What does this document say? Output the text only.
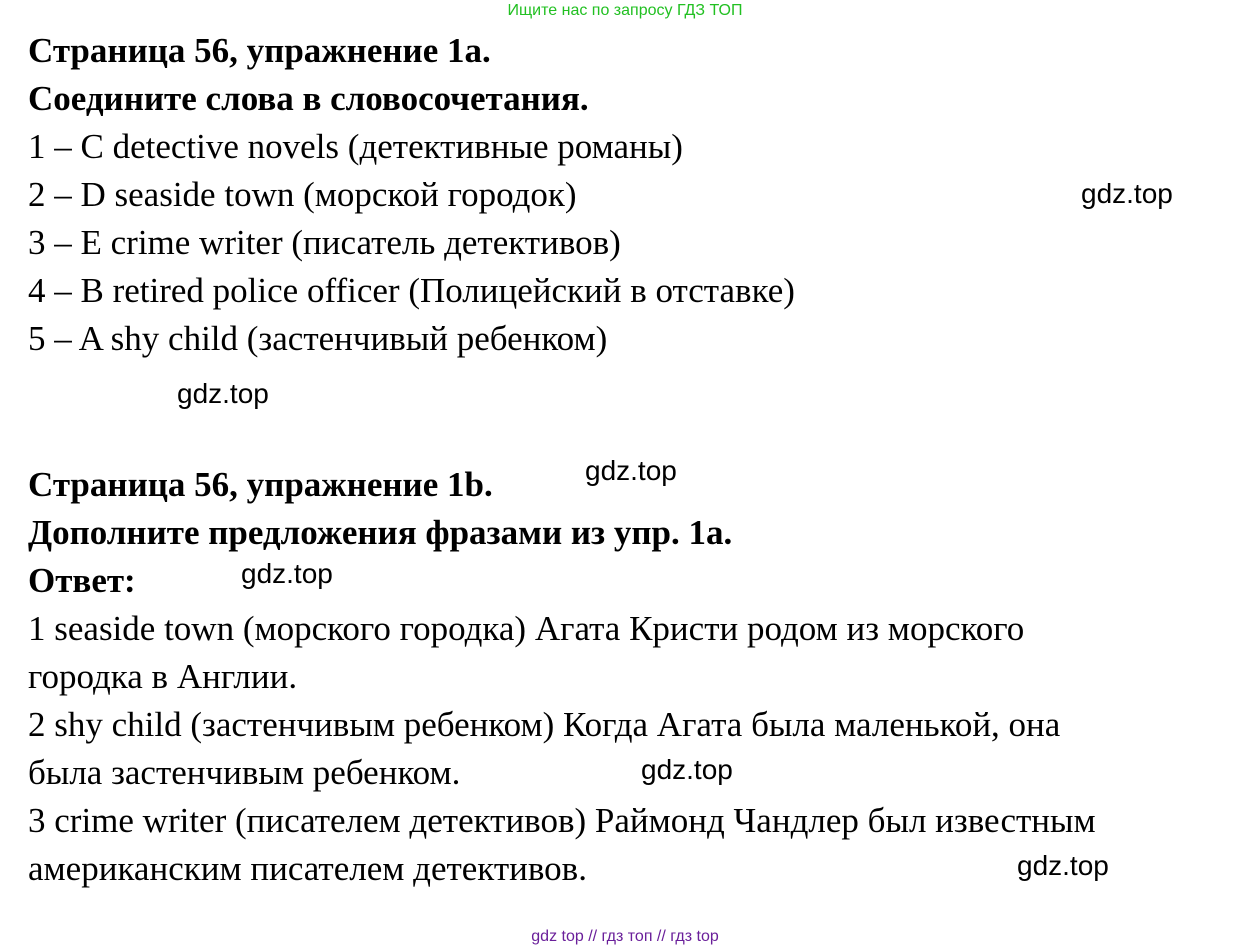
Ищите нас по запросу ГДЗ ТОП
Страница 56, упражнение 1а.
Соедините слова в словосочетания.
1 – C detective novels (детективные романы)
2 – D seaside town (морской городок)
3 – E crime writer (писатель детективов)
4 – B retired police officer (Полицейский в отставке)
5 – A shy child (застенчивый ребенком)
Страница 56, упражнение 1b.
Дополните предложения фразами из упр. 1а.
Ответ:
1 seaside town (морского городка) Агата Кристи родом из морского
городка в Англии.
2 shy child (застенчивым ребенком) Когда Агата была маленькой, она
была застенчивым ребенком.
3 crime writer (писателем детективов) Раймонд Чандлер был известным
американским писателем детективов.
gdz.top
gdz.top
gdz.top
gdz.top
gdz.top
gdz.top
gdz top // гдз топ // гдз top
